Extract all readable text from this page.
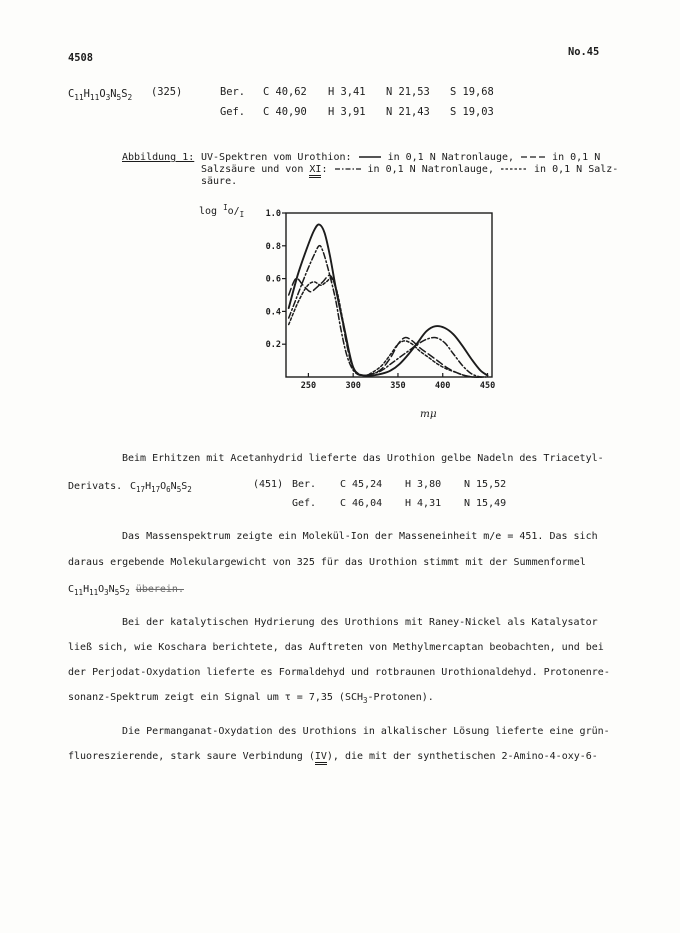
4508	No.45
$C_{11}H_{11}O_3N_5S_2$ (325)	Ber. C 40,62 H 3,41 N 21,53 S 19,68
Gef. C 40,90 H 3,91 N 21,43 S 19,03
Abbildung 1: UV-Spektren vom Urothion:	in 0,1 N Natronlauge,	in 0,1 N
Salzsäure und von XI:	in 0,1 N Natronlauge,	in 0,1 N Salz-
säure.
$\log ^Io/_I$
0.2
0.4
0.6
0.8
1.0
250	300	350	400	450
mμ
Beim Erhitzen mit Acetanhydrid lieferte das Urothion gelbe Nadeln des Triacetyl-
Derivats. $C_{17}H_{17}O_6N_5S_2$	(451) Ber. C 45,24 H 3,80 N 15,52
Gef. C 46,04 H 4,31 N 15,49
Das Massenspektrum zeigte ein Molekül-Ion der Masseneinheit m/e = 451. Das sich
daraus ergebende Molekulargewicht von 325 für das Urothion stimmt mit der Summenformel
$C_{11}H_{11}O_3N_5S_2$ überein.
Bei der katalytischen Hydrierung des Urothions mit Raney-Nickel als Katalysator
ließ sich, wie Koschara berichtete, das Auftreten von Methylmercaptan beobachten, und bei
der Perjodat-Oxydation lieferte es Formaldehyd und rotbraunen Urothionaldehyd. Protonenre-
sonanz-Spektrum zeigt ein Signal um τ = 7,35 $(SCH_3-Protonen)$.
Die Permanganat-Oxydation des Urothions in alkalischer Lösung lieferte eine grün-
fluoreszierende, stark saure Verbindung (IV), die mit der synthetischen 2-Amino-4-oxy-6-
